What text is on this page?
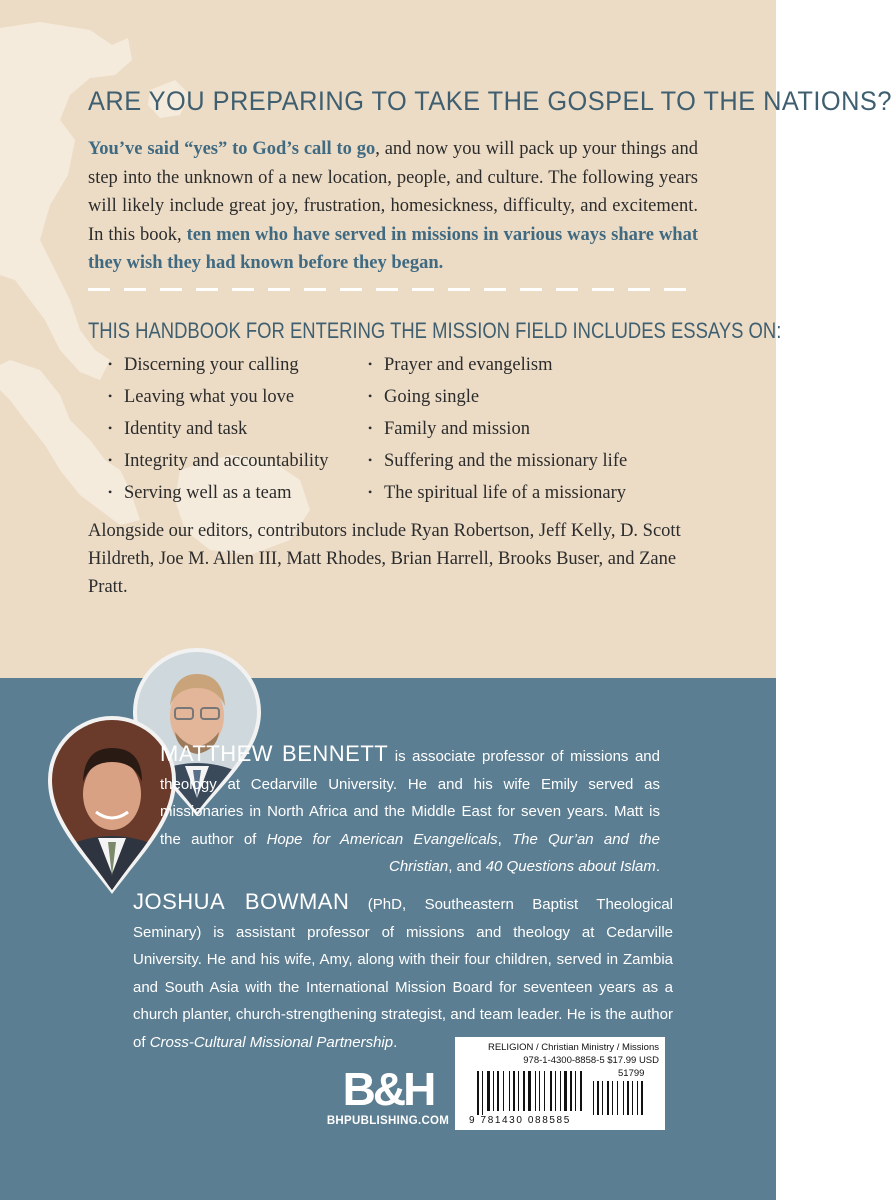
ARE YOU PREPARING TO TAKE THE GOSPEL TO THE NATIONS?
You’ve said “yes” to God’s call to go, and now you will pack up your things and step into the unknown of a new location, people, and culture. The following years will likely include great joy, frustration, homesickness, difficulty, and excitement. In this book, ten men who have served in missions in various ways share what they wish they had known before they began.
THIS HANDBOOK FOR ENTERING THE MISSION FIELD INCLUDES ESSAYS ON:
• Discerning your calling
• Leaving what you love
• Identity and task
• Integrity and accountability
• Serving well as a team
• Prayer and evangelism
• Going single
• Family and mission
• Suffering and the missionary life
• The spiritual life of a missionary
Alongside our editors, contributors include Ryan Robertson, Jeff Kelly, D. Scott Hildreth, Joe M. Allen III, Matt Rhodes, Brian Harrell, Brooks Buser, and Zane Pratt.

MATTHEW BENNETT is associate professor of missions and theology at Cedarville University. He and his wife Emily served as missionaries in North Africa and the Middle East for seven years. Matt is the author of Hope for American Evangelicals, The Qur’an and the Christian, and 40 Questions about Islam.

JOSHUA BOWMAN (PhD, Southeastern Baptist Theological Seminary) is assistant professor of missions and theology at Cedarville University. He and his wife, Amy, along with their four children, served in Zambia and South Asia with the International Mission Board for seventeen years as a church planter, church-strengthening strategist, and team leader. He is the author of Cross-Cultural Missional Partnership.

B&H
BHPUBLISHING.COM
RELIGION / Christian Ministry / Missions
978-1-4300-8858-5 $17.99 USD
51799
9 781430 088585
